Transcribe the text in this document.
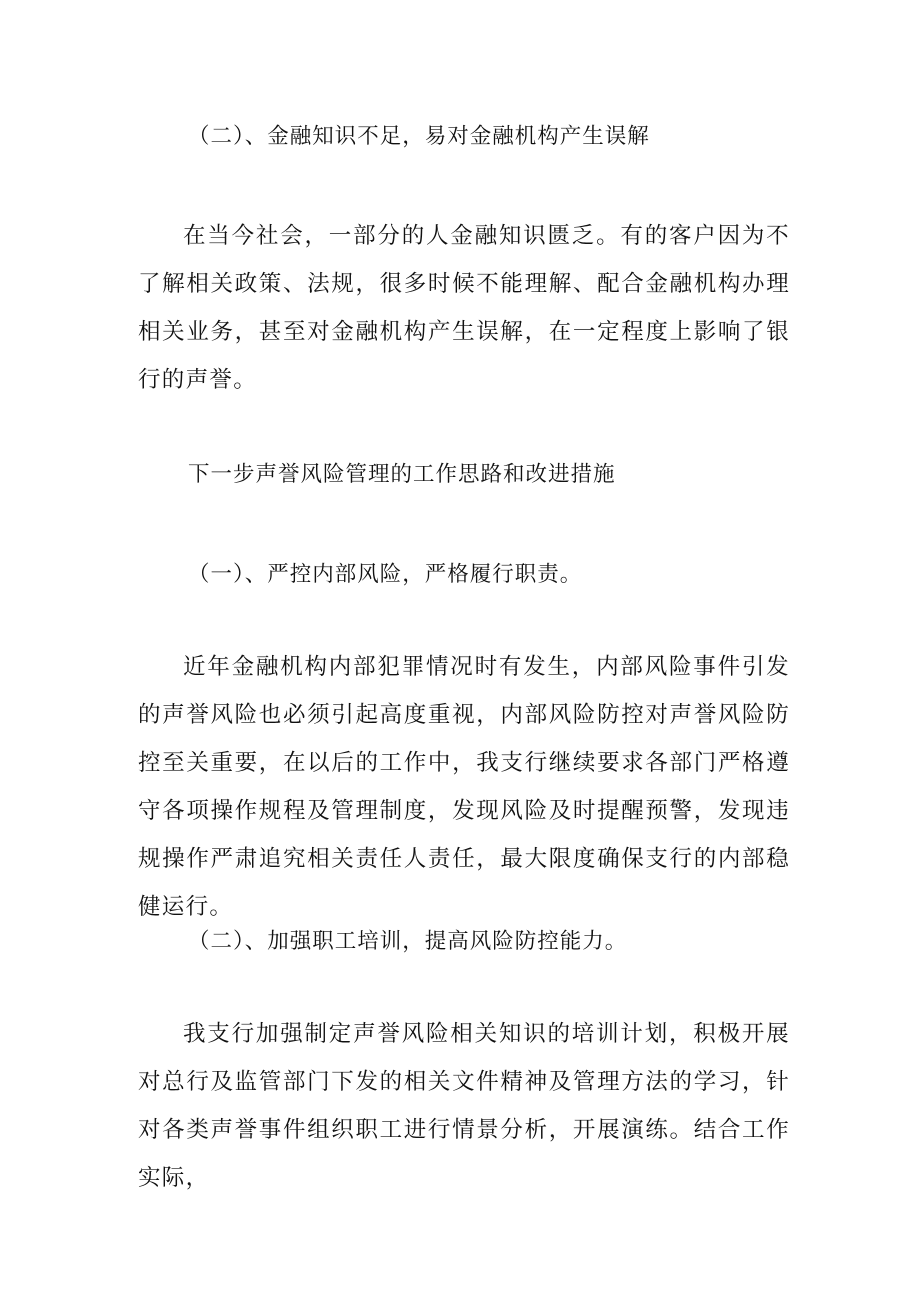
（二）、金融知识不足，易对金融机构产生误解

在当今社会，一部分的人金融知识匮乏。有的客户因为不了解相关政策、法规，很多时候不能理解、配合金融机构办理相关业务，甚至对金融机构产生误解，在一定程度上影响了银行的声誉。

下一步声誉风险管理的工作思路和改进措施

（一）、严控内部风险，严格履行职责。

近年金融机构内部犯罪情况时有发生，内部风险事件引发的声誉风险也必须引起高度重视，内部风险防控对声誉风险防控至关重要，在以后的工作中，我支行继续要求各部门严格遵守各项操作规程及管理制度，发现风险及时提醒预警，发现违规操作严肃追究相关责任人责任，最大限度确保支行的内部稳健运行。

（二）、加强职工培训，提高风险防控能力。

我支行加强制定声誉风险相关知识的培训计划，积极开展对总行及监管部门下发的相关文件精神及管理方法的学习，针对各类声誉事件组织职工进行情景分析，开展演练。结合工作实际，
